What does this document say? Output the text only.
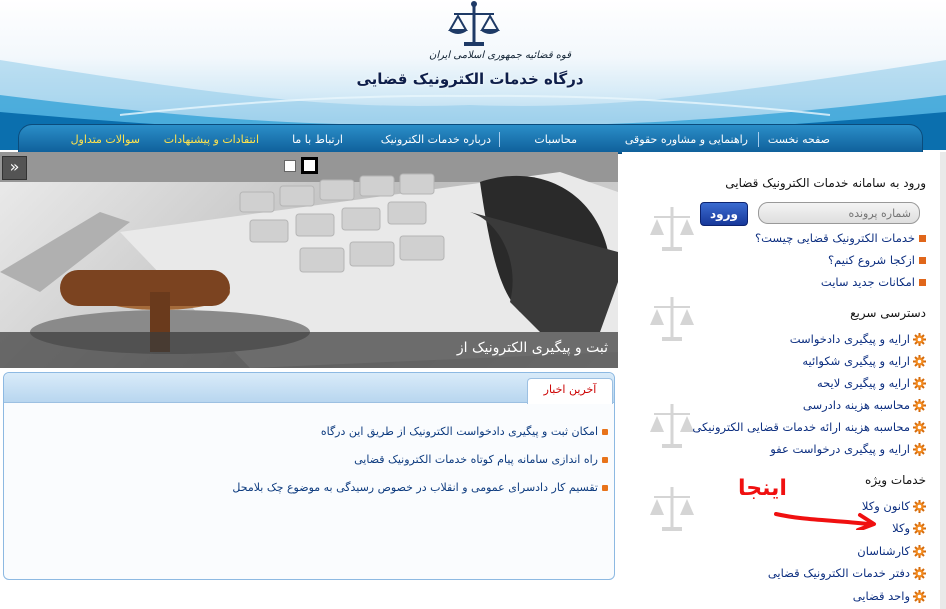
قوه قضائیه جمهوری اسلامی ایران
درگاه خدمات الکترونیک قضایی
صفحه نخست
راهنمایی و مشاوره حقوقی
محاسبات
درباره خدمات الکترونیک
ارتباط با ما
انتقادات و پیشنهادات
سوالات متداول
»
ثبت و پیگیری الکترونیک از
آخرین اخبار
امکان ثبت و پیگیری دادخواست الکترونیک از طریق این درگاه
راه اندازی سامانه پیام کوتاه خدمات الکترونیک قضایی
تقسیم کار دادسرای عمومی و انقلاب در خصوص رسیدگی به موضوع چک بلامحل
ورود به سامانه خدمات الکترونیک قضایی
شماره پرونده
ورود
خدمات الکترونیک قضایی چیست؟
ازکجا شروع کنیم؟
امکانات جدید سایت
دسترسی سریع
ارایه و پیگیری دادخواست
ارایه و پیگیری شکوائیه
ارایه و پیگیری لایحه
محاسبه هزینه دادرسی
محاسبه هزینه ارائه خدمات قضایی الکترونیکی
ارایه و پیگیری درخواست عفو
خدمات ویژه
کانون وکلا
وکلا
کارشناسان
دفتر خدمات الکترونیک قضایی
واحد قضایی
اینجا
